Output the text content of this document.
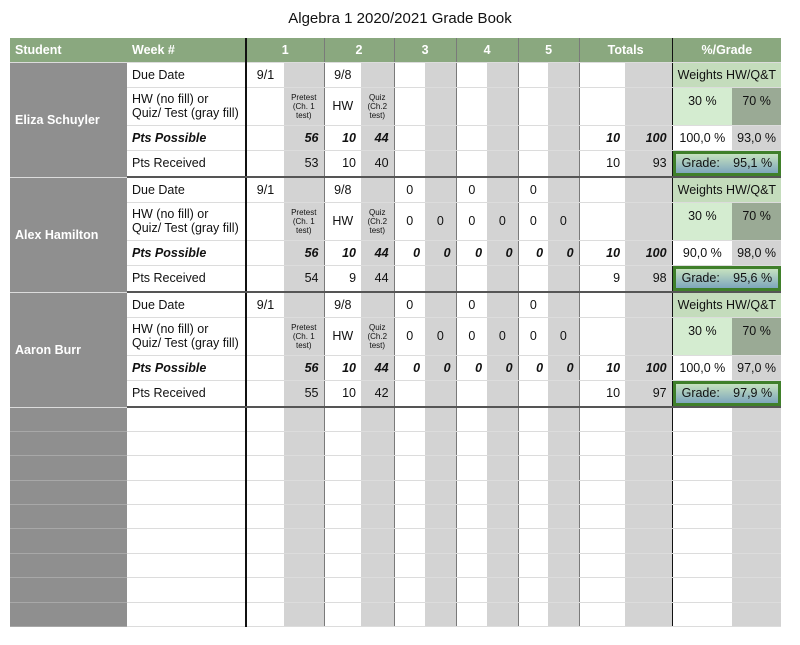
Algebra 1 2020/2021 Grade Book
Student	Week #	1		2		3		4		5		Totals		%/Grade	
Eliza Schuyler	Due Date	9/1		9/8										Weights HW/Q&T	
	HW (no fill) or Quiz/ Test (gray fill)		Pretest (Ch. 1 test)	HW	Quiz (Ch.2 test)									30 %	70 %
	Pts Possible		56	10	44							10	100	100,0 %	93,0 %
	Pts Received		53	10	40							10	93	Grade: 95,1 %	

Alex Hamilton	Due Date	9/1		9/8		0		0		0				Weights HW/Q&T	
	HW (no fill) or Quiz/ Test (gray fill)		Pretest (Ch. 1 test)	HW	Quiz (Ch.2 test)	0	0	0	0	0	0			30 %	70 %
	Pts Possible		56	10	44	0	0	0	0	0	0	10	100	90,0 %	98,0 %
	Pts Received		54	9	44							9	98	Grade: 95,6 %	

Aaron Burr	Due Date	9/1		9/8		0		0		0				Weights HW/Q&T	
	HW (no fill) or Quiz/ Test (gray fill)		Pretest (Ch. 1 test)	HW	Quiz (Ch.2 test)	0	0	0	0	0	0			30 %	70 %
	Pts Possible		56	10	44	0	0	0	0	0	0	10	100	100,0 %	97,0 %
	Pts Received		55	10	42							10	97	Grade: 97,9 %	
